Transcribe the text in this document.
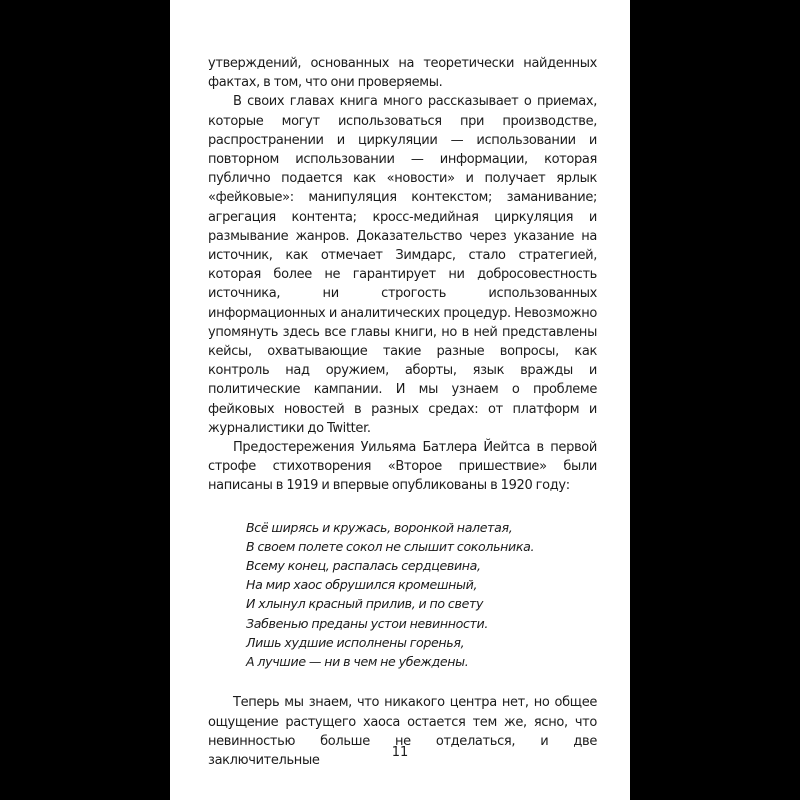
утверждений, основанных на теоретически найденных фактах, в том, что они проверяемы.

В своих главах книга много рассказывает о приемах, которые могут использоваться при производстве, распространении и циркуляции — использовании и повторном использовании — информации, которая публично подается как «новости» и получает ярлык «фейковые»: манипуляция контекстом; заманивание; агрегация контента; кросс-медийная циркуляция и размывание жанров. Доказательство через указание на источник, как отмечает Зимдарс, стало стратегией, которая более не гарантирует ни добросовестность источника, ни строгость использованных информационных и аналитических процедур. Невозможно упомянуть здесь все главы книги, но в ней представлены кейсы, охватывающие такие разные вопросы, как контроль над оружием, аборты, язык вражды и политические кампании. И мы узнаем о проблеме фейковых новостей в разных средах: от платформ и журналистики до Twitter.

Предостережения Уильяма Батлера Йейтса в первой строфе стихотворения «Второе пришествие» были написаны в 1919 и впервые опубликованы в 1920 году:

Всё ширясь и кружась, воронкой налетая,
В своем полете сокол не слышит сокольника.
Всему конец, распалась сердцевина,
На мир хаос обрушился кромешный,
И хлынул красный прилив, и по свету
Забвенью преданы устои невинности.
Лишь худшие исполнены горенья,
А лучшие — ни в чем не убеждены.

Теперь мы знаем, что никакого центра нет, но общее ощущение растущего хаоса остается тем же, ясно, что невинностью больше не отделаться, и две заключительные

11
